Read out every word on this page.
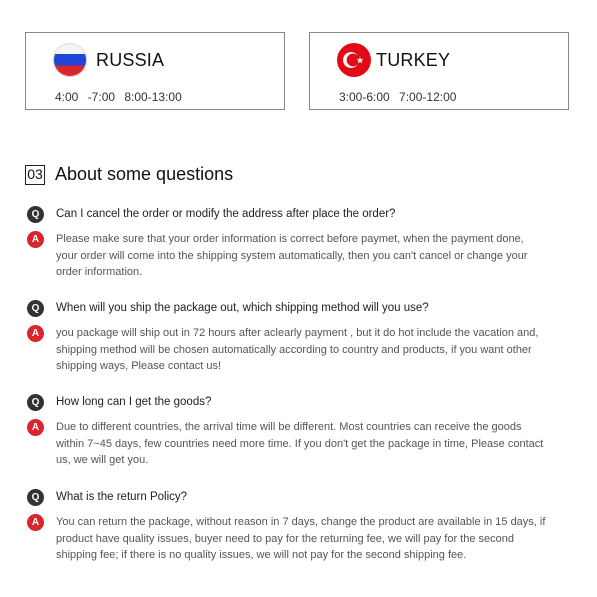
RUSSIA
4:00 -7:00 8:00-13:00
TURKEY
3:00-6:00 7:00-12:00
03 About some questions
Q	Can I cancel the order or modify the address after place the order?
A	Please make sure that your order information is correct before paymet, when the payment done, your order will come into the shipping system automatically, then you can't cancel or change your order information.
Q	When will you ship the package out, which shipping method will you use?
A	you package will ship out in 72 hours after aclearly payment , but it do hot include the vacation and, shipping method will be chosen automatically according to country and products, if you want other shipping ways, Please contact us!
Q	How long can I get the goods?
A	Due to different countries, the arrival time will be different. Most countries can receive the goods within 7~45 days, few countries need more time. If you don't get the package in time, Please contact us, we will get you.
Q	What is the return Policy?
A	You can return the package, without reason in 7 days, change the product are available in 15 days, if product have quality issues, buyer need to pay for the returning fee, we will pay for the second shipping fee; if there is no quality issues, we will not pay for the second shipping fee.
